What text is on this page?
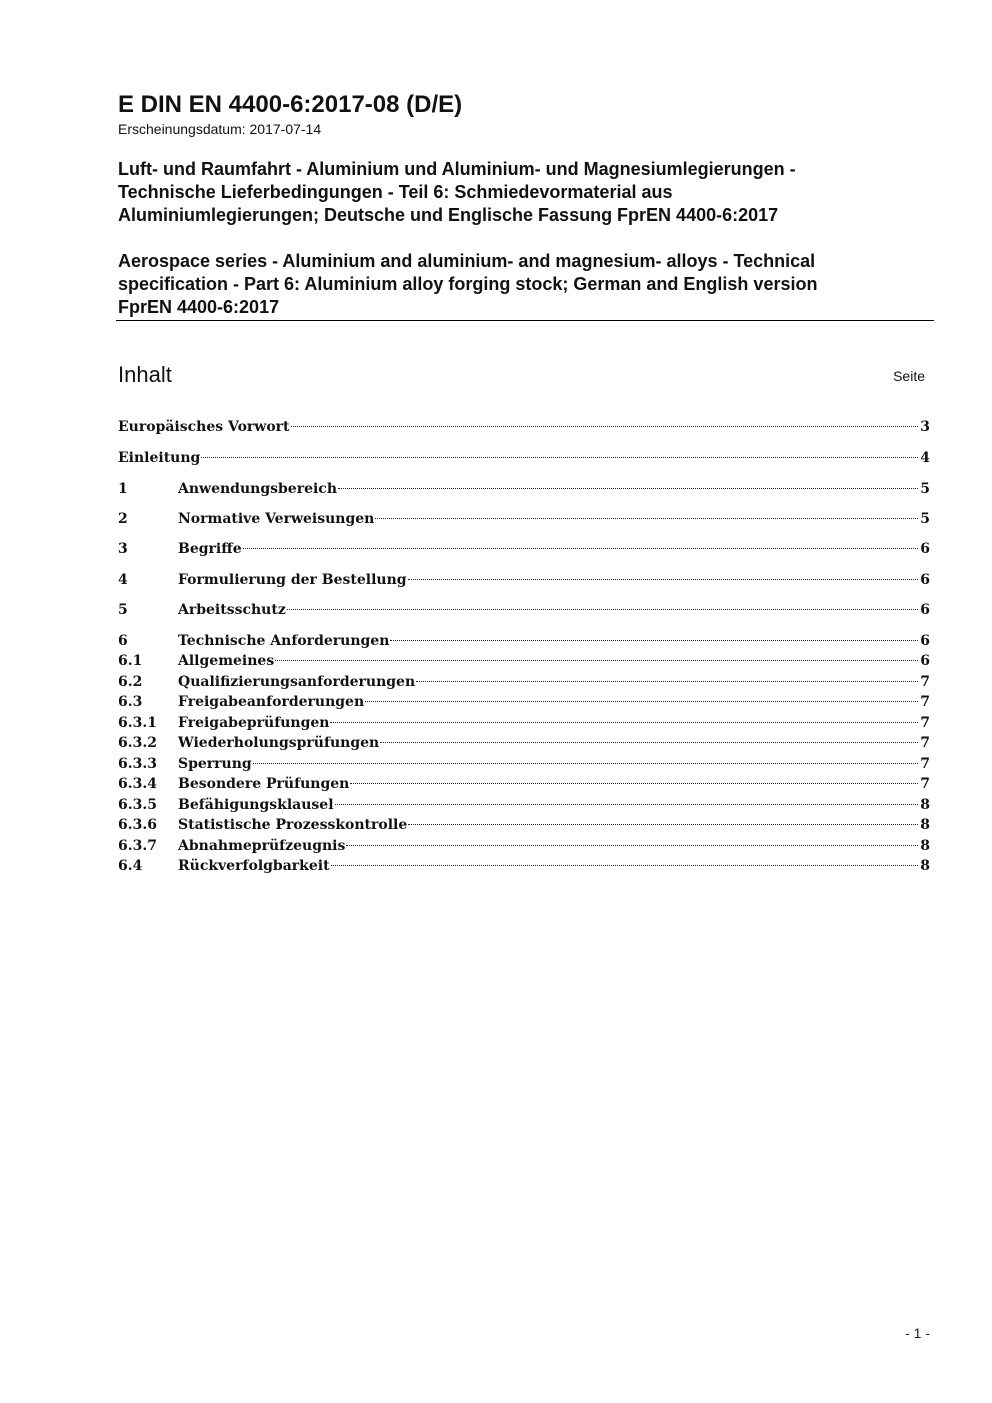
E DIN EN 4400-6:2017-08 (D/E)
Erscheinungsdatum: 2017-07-14
Luft- und Raumfahrt - Aluminium und Aluminium- und Magnesiumlegierungen -
Technische Lieferbedingungen - Teil 6: Schmiedevormaterial aus
Aluminiumlegierungen; Deutsche und Englische Fassung FprEN 4400-6:2017
Aerospace series - Aluminium and aluminium- and magnesium- alloys - Technical
specification - Part 6: Aluminium alloy forging stock; German and English version
FprEN 4400-6:2017
Inhalt	Seite
Europäisches Vorwort	3
Einleitung	4
1	Anwendungsbereich	5
2	Normative Verweisungen	5
3	Begriffe	6
4	Formulierung der Bestellung	6
5	Arbeitsschutz	6
6	Technische Anforderungen	6
6.1	Allgemeines	6
6.2	Qualifizierungsanforderungen	7
6.3	Freigabeanforderungen	7
6.3.1	Freigabeprüfungen	7
6.3.2	Wiederholungsprüfungen	7
6.3.3	Sperrung	7
6.3.4	Besondere Prüfungen	7
6.3.5	Befähigungsklausel	8
6.3.6	Statistische Prozesskontrolle	8
6.3.7	Abnahmeprüfzeugnis	8
6.4	Rückverfolgbarkeit	8
- 1 -
